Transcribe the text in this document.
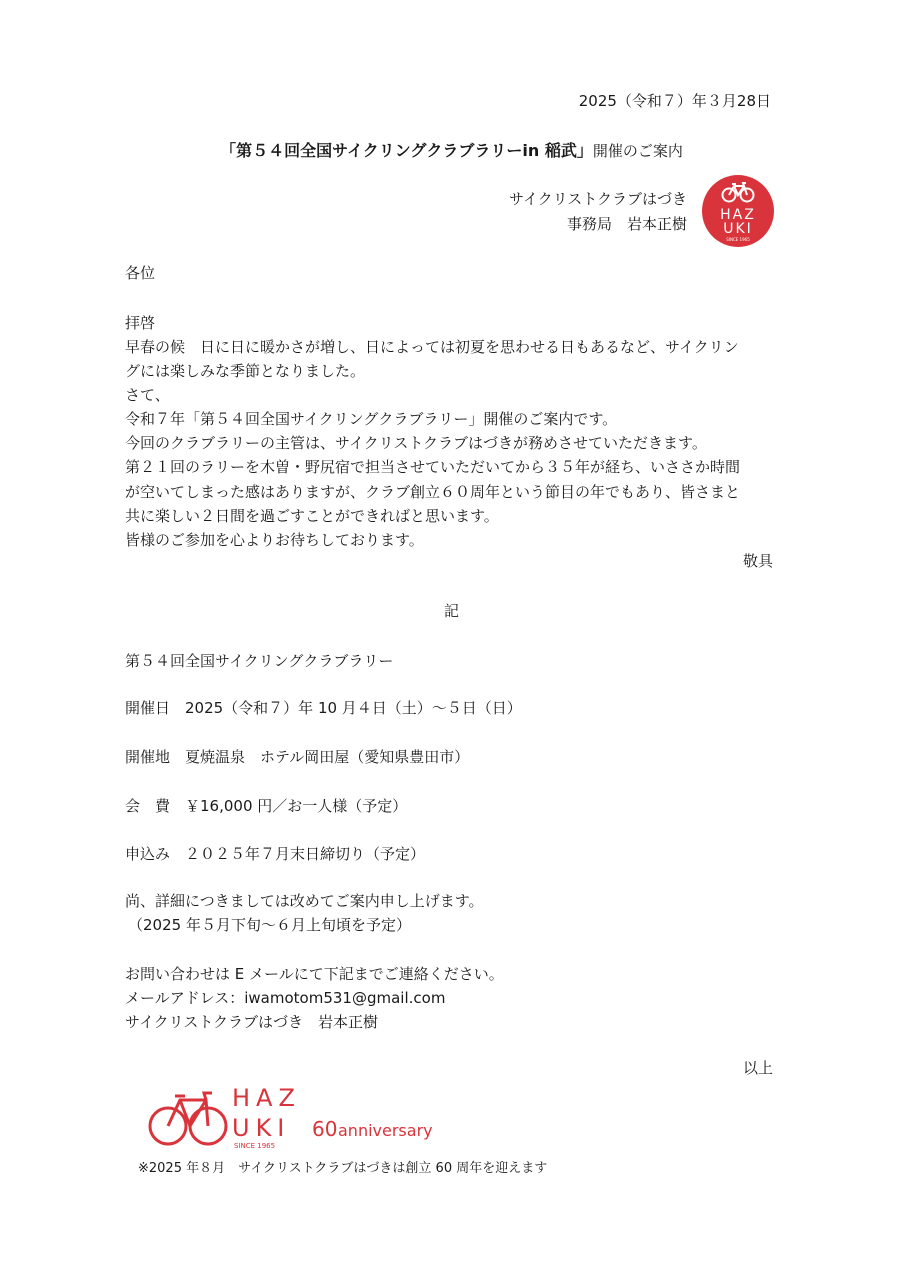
2025（令和７）年３月28日
「第５４回全国サイクリングクラブラリーin 稲武」開催のご案内
サイクリストクラブはづき
事務局　岩本正樹 HAZ
UKI
SINCE 1965
各位
拝啓
早春の候　日に日に暖かさが増し、日によっては初夏を思わせる日もあるなど、サイクリン
グには楽しみな季節となりました。
さて、
令和７年「第５４回全国サイクリングクラブラリー」開催のご案内です。
今回のクラブラリーの主管は、サイクリストクラブはづきが務めさせていただきます。
第２１回のラリーを木曽・野尻宿で担当させていただいてから３５年が経ち、いささか時間
が空いてしまった感はありますが、クラブ創立６０周年という節目の年でもあり、皆さまと
共に楽しい２日間を過ごすことができればと思います。
皆様のご参加を心よりお待ちしております。
敬具
記
第５４回全国サイクリングクラブラリー
開催日　2025（令和７）年 10 月４日（土）～５日（日）
開催地　夏焼温泉　ホテル岡田屋（愛知県豊田市）
会　費　￥16,000 円／お一人様（予定）
申込み　２０２５年７月末日締切り（予定）
尚、詳細につきましては改めてご案内申し上げます。
（2025 年５月下旬～６月上旬頃を予定）
お問い合わせは E メールにて下記までご連絡ください。
メールアドレス：iwamotom531@gmail.com
サイクリストクラブはづき　岩本正樹
以上
HAZ
UKI
SINCE 1965
60 anniversary
※2025 年８月　サイクリストクラブはづきは創立 60 周年を迎えます
